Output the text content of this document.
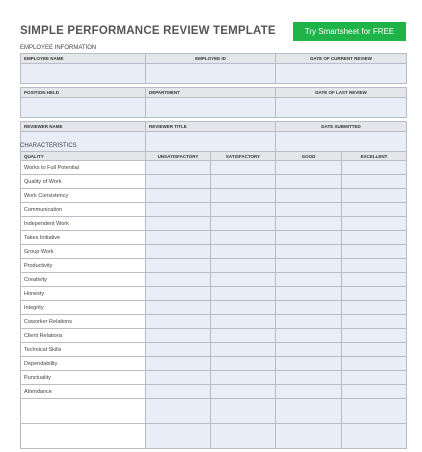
SIMPLE PERFORMANCE REVIEW TEMPLATE	Try Smartsheet for FREE
EMPLOYEE INFORMATION
EMPLOYEE NAME	EMPLOYEE ID	DATE OF CURRENT REVIEW

POSITION HELD	DEPARTMENT	DATE OF LAST REVIEW

REVIEWER NAME	REVIEWER TITLE	DATE SUBMITTED

CHARACTERISTICS
QUALITY	UNSATISFACTORY	SATISFACTORY	GOOD	EXCELLENT
Works to Full Potential				
Quality of Work				
Work Consistency				
Communication				
Independent Work				
Takes Initiative				
Group Work				
Productivity				
Creativity				
Honesty				
Integrity				
Coworker Relations				
Client Relations				
Technical Skills				
Dependability				
Punctuality				
Attendance				
